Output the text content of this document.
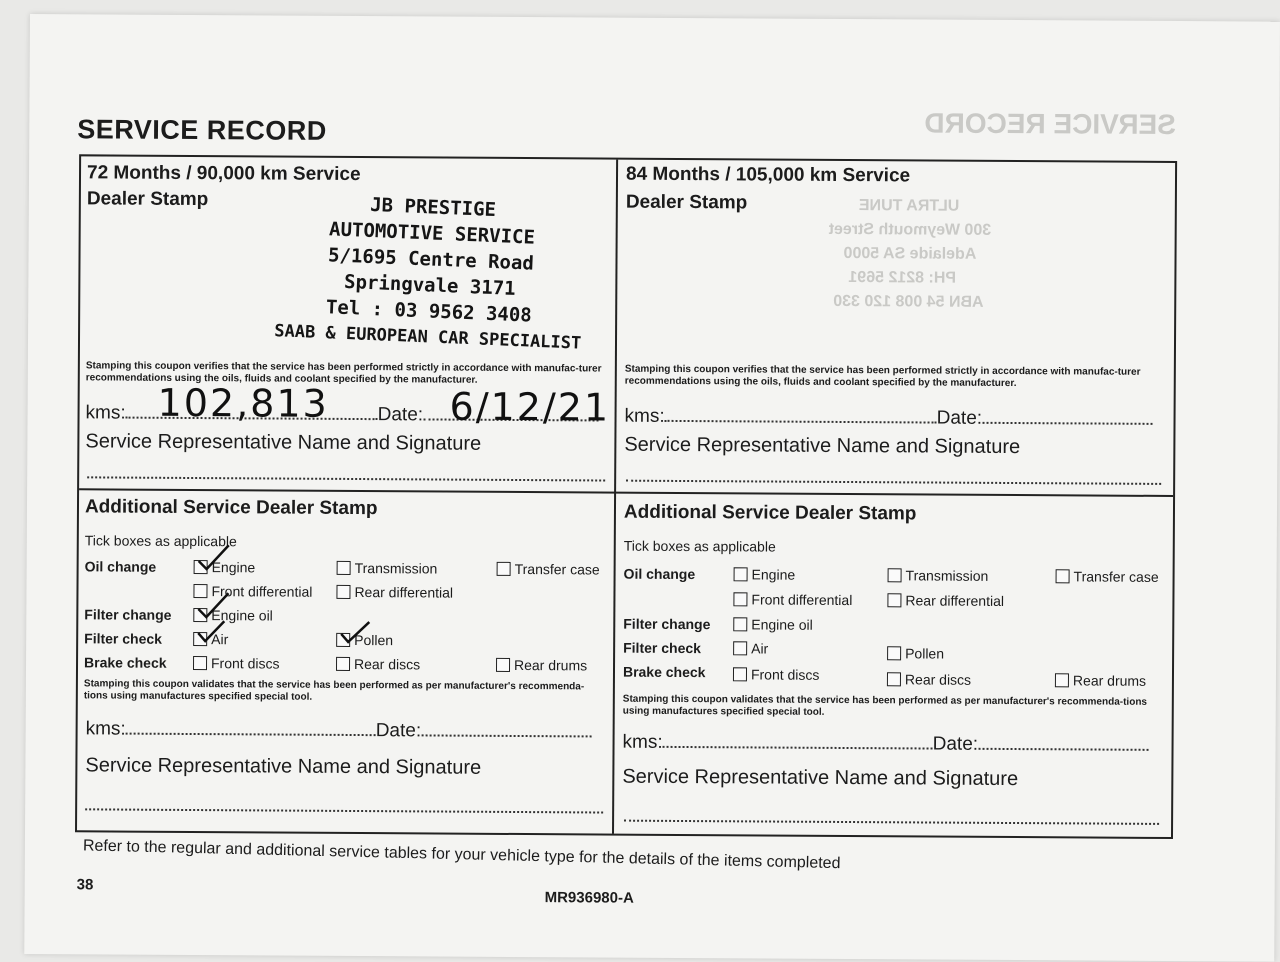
SERVICE RECORD
ULTRA TUNE
300 Weymouth Street
Adelaide SA 5000
PH: 8212 5691
ABN 54 008 120 330
SERVICE RECORD
72 Months / 90,000 km Service
Dealer Stamp	JB PRESTIGE
AUTOMOTIVE SERVICE
5/1695 Centre Road
Springvale 3171
Tel : 03 9562 3408
SAAB & EUROPEAN CAR SPECIALIST
Stamping this coupon verifies that the service has been performed strictly in accordance with manufac-turer recommendations using the oils, fluids and coolant specified by the manufacturer.
kms:	Date:
102,813	6/12/21
Service Representative Name and Signature
84 Months / 105,000 km Service
Dealer Stamp
Stamping this coupon verifies that the service has been performed strictly in accordance with manufac-turer recommendations using the oils, fluids and coolant specified by the manufacturer.
kms:	Date:
Service Representative Name and Signature
Additional Service Dealer Stamp
Tick boxes as applicable
Oil change	Engine	Transmission	Transfer case
Front differential	Rear differential
Filter change	Engine oil
Filter check	Air	Pollen
Brake check	Front discs	Rear discs	Rear drums
Stamping this coupon validates that the service has been performed as per manufacturer's recommenda-tions using manufactures specified special tool.
kms:	Date:
Service Representative Name and Signature
Additional Service Dealer Stamp
Tick boxes as applicable
Oil change	Engine	Transmission	Transfer case
Front differential	Rear differential
Filter change	Engine oil
Filter check	Air	Pollen
Brake check	Front discs	Rear discs	Rear drums
Stamping this coupon validates that the service has been performed as per manufacturer's recommenda-tions using manufactures specified special tool.
kms:	Date:
Service Representative Name and Signature
Refer to the regular and additional service tables for your vehicle type for the details of the items completed
38
MR936980-A
